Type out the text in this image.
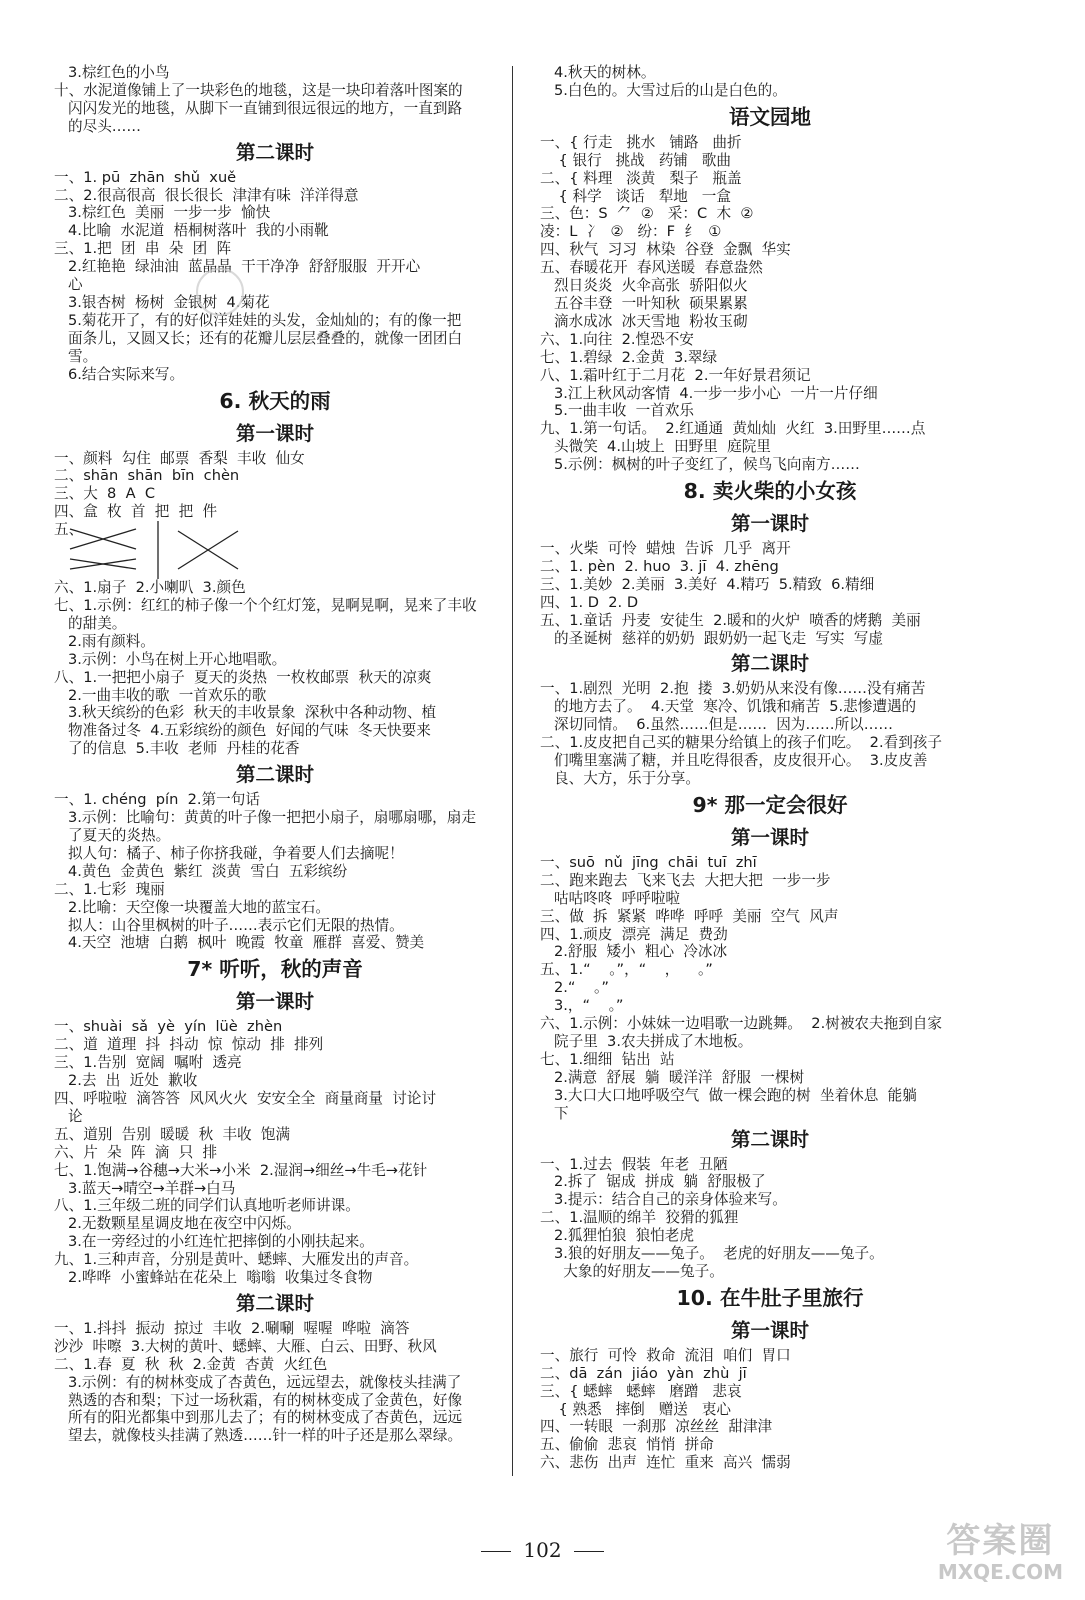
3.棕红色的小鸟
十、水泥道像铺上了一块彩色的地毯，这是一块印着落叶图案的
闪闪发光的地毯，从脚下一直铺到很远很远的地方，一直到路
的尽头……
第二课时
一、1. pū  zhān  shǔ  xuě
二、2.很高很高  很长很长  津津有味  洋洋得意
3.棕红色  美丽  一步一步  愉快
4.比喻  水泥道  梧桐树落叶  我的小雨靴
三、1.把  团  串  朵  团  阵
2.红艳艳  绿油油  蓝晶晶  干干净净  舒舒服服  开开心
心
3.银杏树  杨树  金银树  4.菊花
5.菊花开了，有的好似洋娃娃的头发，金灿灿的；有的像一把
面条儿，又圆又长；还有的花瓣儿层层叠叠的，就像一团团白
雪。
6.结合实际来写。
6. 秋天的雨
第一课时
一、颜料  勾住  邮票  香梨  丰收  仙女
二、shān  shān  bīn  chèn
三、大  8  A  C
四、盒  枚  首  把  把  件
五、
六、1.扇子  2.小喇叭  3.颜色
七、1.示例：红红的柿子像一个个红灯笼，晃啊晃啊，晃来了丰收
的甜美。
2.雨有颜料。
3.示例：小鸟在树上开心地唱歌。
八、1.一把把小扇子  夏天的炎热  一枚枚邮票  秋天的凉爽
2.一曲丰收的歌  一首欢乐的歌
3.秋天缤纷的色彩  秋天的丰收景象  深秋中各种动物、植
物准备过冬  4.五彩缤纷的颜色  好闻的气味  冬天快要来
了的信息  5.丰收  老师  丹桂的花香
第二课时
一、1. chéng  pín  2.第一句话
3.示例：比喻句：黄黄的叶子像一把把小扇子，扇哪扇哪，扇走
了夏天的炎热。
拟人句：橘子、柿子你挤我碰，争着要人们去摘呢！
4.黄色  金黄色  紫红  淡黄  雪白  五彩缤纷
二、1.七彩  瑰丽
2.比喻：天空像一块覆盖大地的蓝宝石。
拟人：山谷里枫树的叶子……表示它们无限的热情。
4.天空  池塘  白鹅  枫叶  晚霞  牧童  雁群  喜爱、赞美
7* 听听，秋的声音
第一课时
一、shuài  sǎ  yè  yín  lüè  zhèn
二、道  道理  抖  抖动  惊  惊动  排  排列
三、1.告别  宽阔  嘱咐  透亮
2.去  出  近处  歉收
四、呼啦啦  滴答答  风风火火  安安全全  商量商量  讨论讨
论
五、道别  告别  暖暖  秋  丰收  饱满
六、片  朵  阵  滴  只  排
七、1.饱满→谷穗→大米→小米  2.湿润→细丝→牛毛→花针
3.蓝天→晴空→羊群→白马
八、1.三年级二班的同学们认真地听老师讲课。
2.无数颗星星调皮地在夜空中闪烁。
3.在一旁经过的小红连忙把摔倒的小刚扶起来。
九、1.三种声音，分别是黄叶、蟋蟀、大雁发出的声音。
2.哗哗  小蜜蜂站在花朵上  嗡嗡  收集过冬食物
第二课时
一、1.抖抖  振动  掠过  丰收  2.唰唰  喔喔  哗啦  滴答
沙沙  咔嚓  3.大树的黄叶、蟋蟀、大雁、白云、田野、秋风
二、1.春  夏  秋  秋  2.金黄  杏黄  火红色
3.示例：有的树林变成了杏黄色，远远望去，就像枝头挂满了
熟透的杏和梨；下过一场秋霜，有的树林变成了金黄色，好像
所有的阳光都集中到那儿去了；有的树林变成了杏黄色，远远
望去，就像枝头挂满了熟透……针一样的叶子还是那么翠绿。
4.秋天的树林。
5.白色的。大雪过后的山是白色的。
语文园地
一、{ 行走   挑水   铺路   曲折
{ 银行   挑战   药铺   歌曲
二、{ 料理   淡黄   梨子   瓶盖
{ 科学   谈话   犁地   一盒
三、色：S  ⺈  ②   采：C  木  ②
凌：L  冫  ②   纷：F  纟  ①
四、秋气  习习  林染  谷登  金飘  华实
五、春暖花开  春风送暖  春意盎然
烈日炎炎  火伞高张  骄阳似火
五谷丰登  一叶知秋  硕果累累
滴水成冰  冰天雪地  粉妆玉砌
六、1.向往  2.惶恐不安
七、1.碧绿  2.金黄  3.翠绿
八、1.霜叶红于二月花  2.一年好景君须记
3.江上秋风动客情  4.一步一步小心  一片一片仔细
5.一曲丰收  一首欢乐
九、1.第一句话。  2.红通通  黄灿灿  火红  3.田野里……点
头微笑  4.山坡上  田野里  庭院里
5.示例：枫树的叶子变红了，候鸟飞向南方……
8. 卖火柴的小女孩
第一课时
一、火柴  可怜  蜡烛  告诉  几乎  离开
二、1. pèn  2. huo  3. jī  4. zhēng
三、1.美妙  2.美丽  3.美好  4.精巧  5.精致  6.精细
四、1. D  2. D
五、1.童话  丹麦  安徒生  2.暖和的火炉  喷香的烤鹅  美丽
的圣诞树  慈祥的奶奶  跟奶奶一起飞走  写实  写虚
第二课时
一、1.剧烈  光明  2.抱  搂  3.奶奶从来没有像……没有痛苦
的地方去了。  4.天堂  寒冷、饥饿和痛苦  5.悲惨遭遇的
深切同情。  6.虽然……但是……  因为……所以……
二、1.皮皮把自己买的糖果分给镇上的孩子们吃。  2.看到孩子
们嘴里塞满了糖，并且吃得很香，皮皮很开心。  3.皮皮善
良、大方，乐于分享。
9* 那一定会很好
第一课时
一、suō  nǔ  jīng  chāi  tuī  zhī
二、跑来跑去  飞来飞去  大把大把  一步一步
咕咕咚咚  呼呼啦啦
三、做  拆  紧紧  哗哗  呼呼  美丽  空气  风声
四、1.顽皮  漂亮  满足  费劲
2.舒服  矮小  粗心  冷冰冰
五、1.“    。”，“    ，    。”
2.“    。”
3.，“    。”
六、1.示例：小妹妹一边唱歌一边跳舞。  2.树被农夫拖到自家
院子里  3.农夫拼成了木地板。
七、1.细细  钻出  站
2.满意  舒展  躺  暖洋洋  舒服  一棵树
3.大口大口地呼吸空气  做一棵会跑的树  坐着休息  能躺
下
第二课时
一、1.过去  假装  年老  丑陋
2.拆了  锯成  拼成  躺  舒服极了
3.提示：结合自己的亲身体验来写。
二、1.温顺的绵羊  狡猾的狐狸
2.狐狸怕狼  狼怕老虎
3.狼的好朋友——兔子。  老虎的好朋友——兔子。
大象的好朋友——兔子。
10. 在牛肚子里旅行
第一课时
一、旅行  可怜  救命  流泪  咱们  胃口
二、dā  zán  jiáo  yàn  zhù  jī
三、{ 蟋蟀   蟋蟀   磨蹭   悲哀
{ 熟悉   摔倒   赠送   衷心
四、一转眼  一刹那  凉丝丝  甜津津
五、偷偷  悲哀  悄悄  拼命
六、悲伤  出声  连忙  重来  高兴  懦弱
102	答案圈
MXQE.COM
